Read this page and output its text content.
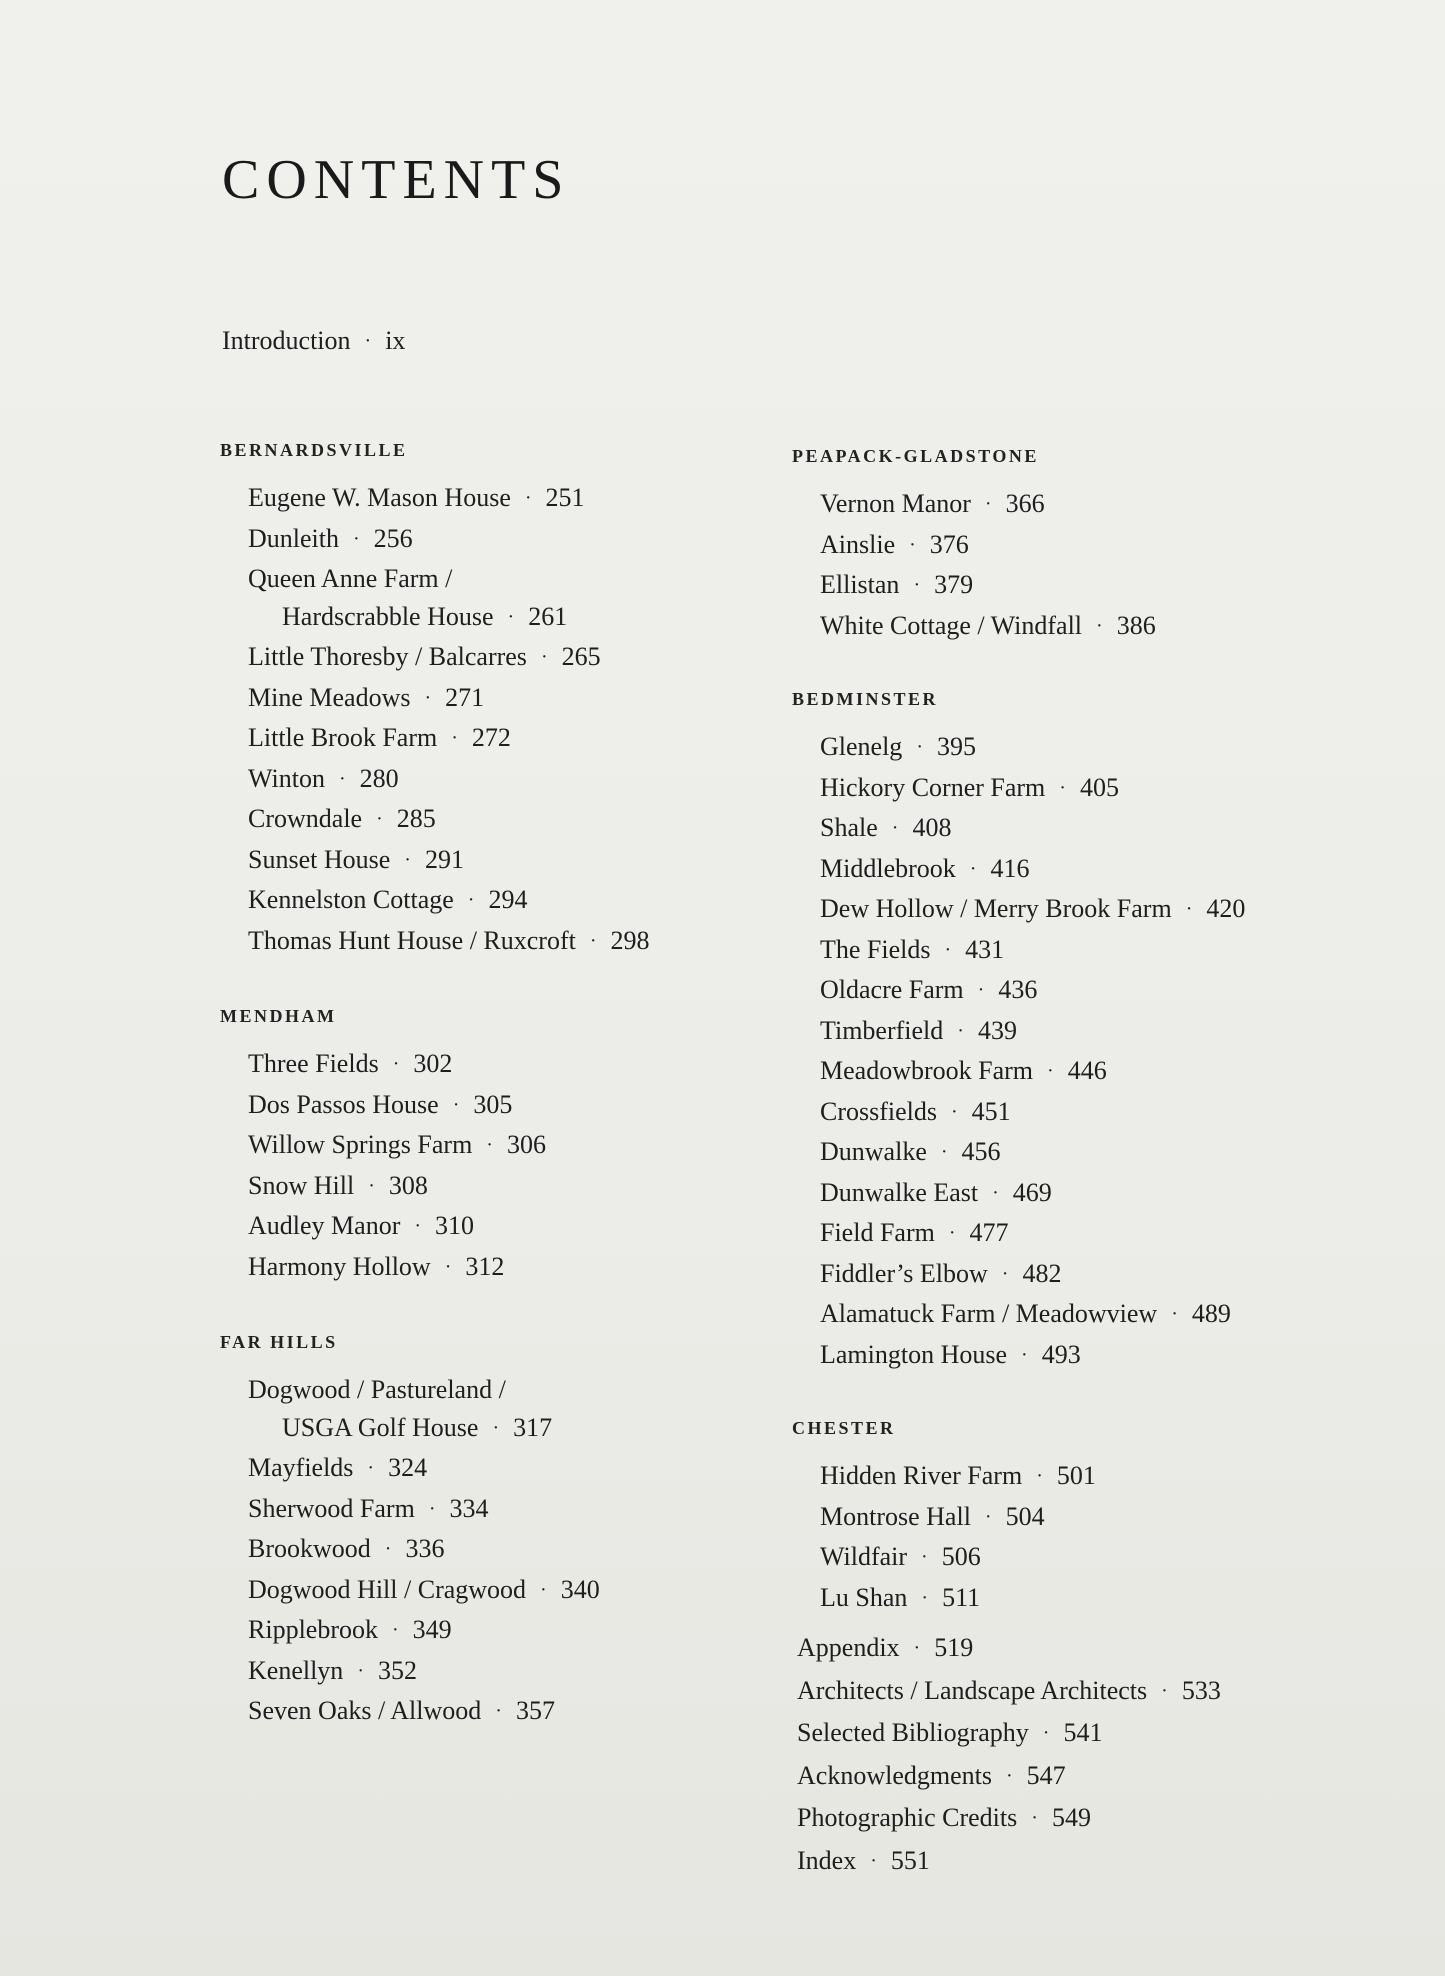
CONTENTS
Introduction · ix
BERNARDSVILLE
Eugene W. Mason House · 251
Dunleith · 256
Queen Anne Farm /
Hardscrabble House · 261
Little Thoresby / Balcarres · 265
Mine Meadows · 271
Little Brook Farm · 272
Winton · 280
Crowndale · 285
Sunset House · 291
Kennelston Cottage · 294
Thomas Hunt House / Ruxcroft · 298
MENDHAM
Three Fields · 302
Dos Passos House · 305
Willow Springs Farm · 306
Snow Hill · 308
Audley Manor · 310
Harmony Hollow · 312
FAR HILLS
Dogwood / Pastureland /
USGA Golf House · 317
Mayfields · 324
Sherwood Farm · 334
Brookwood · 336
Dogwood Hill / Cragwood · 340
Ripplebrook · 349
Kenellyn · 352
Seven Oaks / Allwood · 357
PEAPACK-GLADSTONE
Vernon Manor · 366
Ainslie · 376
Ellistan · 379
White Cottage / Windfall · 386
BEDMINSTER
Glenelg · 395
Hickory Corner Farm · 405
Shale · 408
Middlebrook · 416
Dew Hollow / Merry Brook Farm · 420
The Fields · 431
Oldacre Farm · 436
Timberfield · 439
Meadowbrook Farm · 446
Crossfields · 451
Dunwalke · 456
Dunwalke East · 469
Field Farm · 477
Fiddler’s Elbow · 482
Alamatuck Farm / Meadowview · 489
Lamington House · 493
CHESTER
Hidden River Farm · 501
Montrose Hall · 504
Wildfair · 506
Lu Shan · 511
Appendix · 519
Architects / Landscape Architects · 533
Selected Bibliography · 541
Acknowledgments · 547
Photographic Credits · 549
Index · 551
